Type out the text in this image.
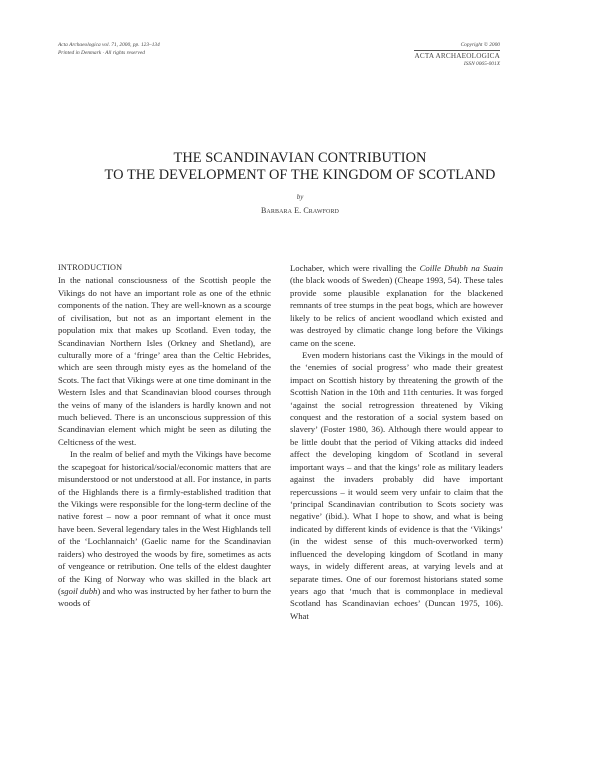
Acta Archaeologica vol. 71, 2000, pp. 123–134
Printed in Denmark · All rights reserved
Copyright © 2000
ACTA ARCHAEOLOGICA
ISSN 0065-001X
THE SCANDINAVIAN CONTRIBUTION
TO THE DEVELOPMENT OF THE KINGDOM OF SCOTLAND
by
Barbara E. Crawford
INTRODUCTION

In the national consciousness of the Scottish people the Vikings do not have an important role as one of the ethnic components of the nation. They are well-known as a scourge of civilisation, but not as an important element in the population mix that makes up Scotland. Even today, the Scandinavian Northern Isles (Orkney and Shetland), are culturally more of a ‘fringe’ area than the Celtic Hebrides, which are seen through misty eyes as the homeland of the Scots. The fact that Vikings were at one time dominant in the Western Isles and that Scandinavian blood courses through the veins of many of the islanders is hardly known and not much believed. There is an unconscious suppression of this Scandinavian element which might be seen as diluting the Celticness of the west.

In the realm of belief and myth the Vikings have become the scapegoat for historical/social/economic matters that are misunderstood or not understood at all. For instance, in parts of the Highlands there is a firmly-established tradition that the Vikings were responsible for the long-term decline of the native forest – now a poor remnant of what it once must have been. Several legendary tales in the West Highlands tell of the ‘Lochlannaich’ (Gaelic name for the Scandinavian raiders) who destroyed the woods by fire, sometimes as acts of vengeance or retribution. One tells of the eldest daughter of the King of Norway who was skilled in the black art (sgoil dubh) and who was instructed by her father to burn the woods of

Lochaber, which were rivalling the Coille Dhubh na Suain (the black woods of Sweden) (Cheape 1993, 54). These tales provide some plausible explanation for the blackened remnants of tree stumps in the peat bogs, which are however likely to be relics of ancient woodland which existed and was destroyed by climatic change long before the Vikings came on the scene.

Even modern historians cast the Vikings in the mould of the ‘enemies of social progress’ who made their greatest impact on Scottish history by threatening the growth of the Scottish Nation in the 10th and 11th centuries. It was forged ‘against the social retrogression threatened by Viking conquest and the restoration of a social system based on slavery’ (Foster 1980, 36). Although there would appear to be little doubt that the period of Viking attacks did indeed affect the developing kingdom of Scotland in several important ways – and that the kings’ role as military leaders against the invaders probably did have important repercussions – it would seem very unfair to claim that the ‘principal Scandinavian contribution to Scots society was negative’ (ibid.). What I hope to show, and what is being indicated by different kinds of evidence is that the ‘Vikings’ (in the widest sense of this much-overworked term) influenced the developing kingdom of Scotland in many ways, in widely different areas, at varying levels and at separate times. One of our foremost historians stated some years ago that ‘much that is commonplace in medieval Scotland has Scandinavian echoes’ (Duncan 1975, 106). What
